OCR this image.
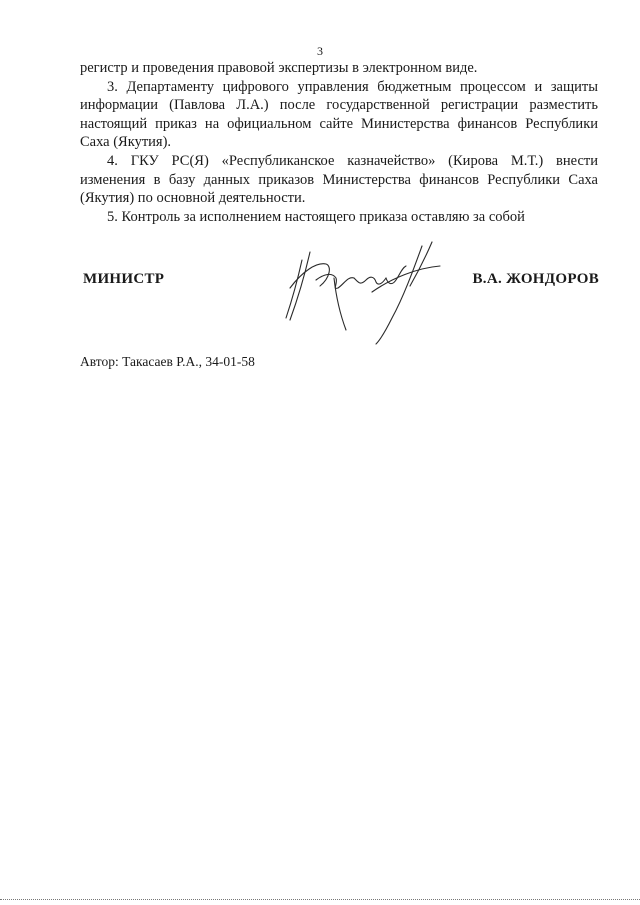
3

регистр и проведения правовой экспертизы в электронном виде.

3. Департаменту цифрового управления бюджетным процессом и защиты информации (Павлова Л.А.) после государственной регистрации разместить настоящий приказ на официальном сайте Министерства финансов Республики Саха (Якутия).

4. ГКУ РС(Я) «Республиканское казначейство» (Кирова М.Т.) внести изменения в базу данных приказов Министерства финансов Республики Саха (Якутия) по основной деятельности.

5. Контроль за исполнением настоящего приказа оставляю за собой

МИНИСТР	В.А. ЖОНДОРОВ
Автор: Такасаев Р.А., 34-01-58
